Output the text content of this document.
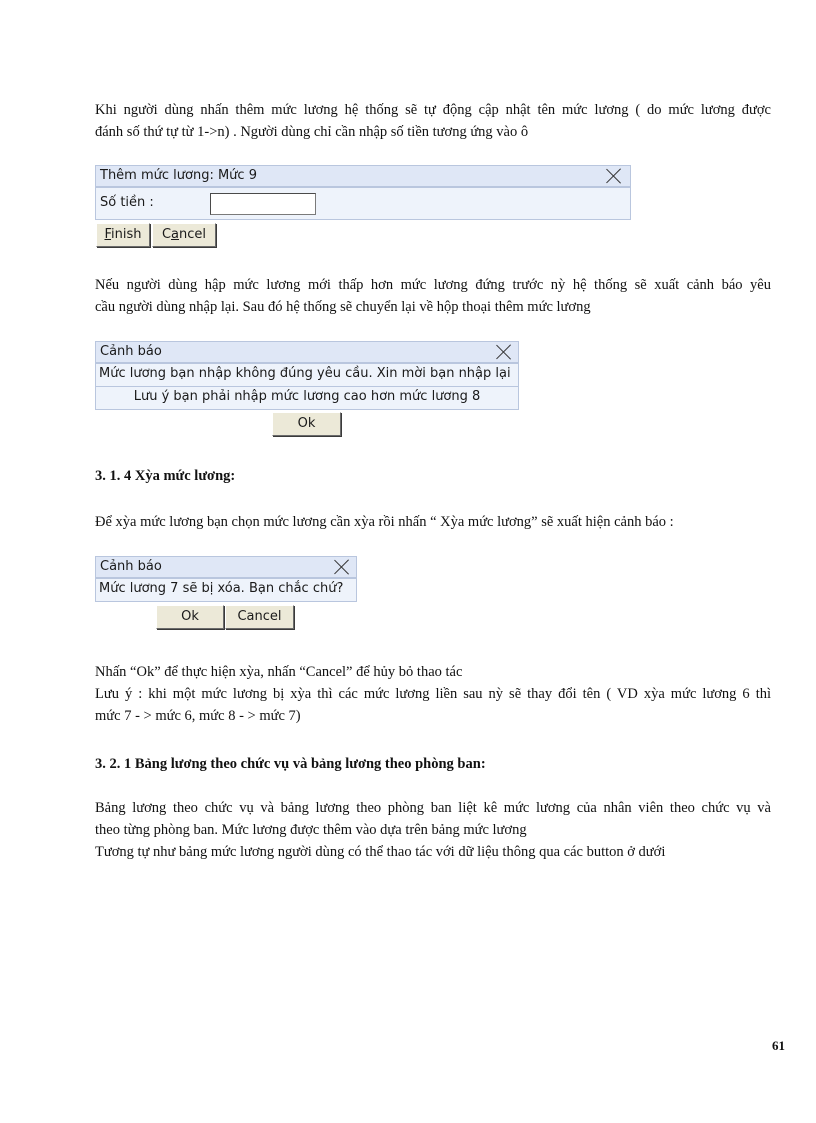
Khi người dùng nhấn thêm mức lương hệ thống sẽ tự động cập nhật tên mức lương ( do mức lương được
đánh số thứ tự từ 1->n) . Người dùng chỉ cần nhập số tiền tương ứng vào ô

Thêm mức lương: Mức 9
Số tiền :
Finish	Cancel

Nếu người dùng hập mức lương mới thấp hơn mức lương đứng trước nỳ hệ thống sẽ xuất cảnh báo yêu
cầu người dùng nhập lại. Sau đó hệ thống sẽ chuyển lại về hộp thoại thêm mức lương

Cảnh báo
Mức lương bạn nhập không đúng yêu cầu. Xin mời bạn nhập lại
Lưu ý bạn phải nhập mức lương cao hơn mức lương 8
Ok

3. 1. 4 Xỳa mức lương:

Để xỳa mức lương bạn chọn mức lương cần xỳa rồi nhấn “ Xỳa mức lương” sẽ xuất hiện cảnh báo :

Cảnh báo
Mức lương 7 sẽ bị xóa. Bạn chắc chứ?
Ok	Cancel

Nhấn “Ok” để thực hiện xỳa, nhấn “Cancel” để hủy bỏ thao tác
Lưu ý : khi một mức lương bị xỳa thì các mức lương liền sau nỳ sẽ thay đổi tên ( VD xỳa mức lương 6 thì
mức 7 - > mức 6, mức 8 - > mức 7)

3. 2. 1 Bảng lương theo chức vụ và bảng lương theo phòng ban:

Bảng lương theo chức vụ và bảng lương theo phòng ban liệt kê mức lương của nhân viên theo chức vụ và
theo từng phòng ban. Mức lương được thêm vào dựa trên bảng mức lương
Tương tự như bảng mức lương người dùng có thể thao tác với dữ liệu thông qua các button ở dưới

61
